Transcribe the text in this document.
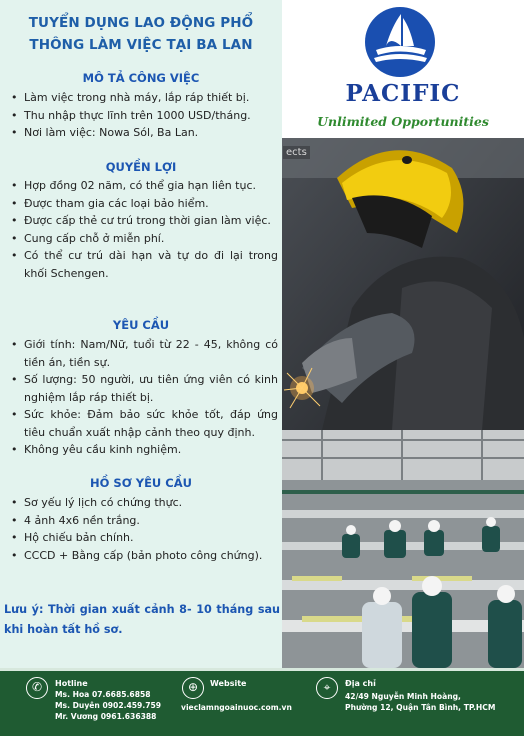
TUYỂN DỤNG LAO ĐỘNG PHỔ
THÔNG LÀM VIỆC TẠI BA LAN
MÔ TẢ CÔNG VIỆC
• Làm việc trong nhà máy, lắp ráp thiết bị.
• Thu nhập thực lĩnh trên 1000 USD/tháng.
• Nơi làm việc: Nowa Sól, Ba Lan.
QUYỀN LỢI
• Hợp đồng 02 năm, có thể gia hạn liên tục.
• Được tham gia các loại bảo hiểm.
• Được cấp thẻ cư trú trong thời gian làm việc.
• Cung cấp chỗ ở miễn phí.
• Có thể cư trú dài hạn và tự do đi lại trong khối Schengen.
YÊU CẦU
• Giới tính: Nam/Nữ, tuổi từ 22 - 45, không có tiền án, tiền sự.
• Số lượng: 50 người, ưu tiên ứng viên có kinh nghiệm lắp ráp thiết bị.
• Sức khỏe: Đảm bảo sức khỏe tốt, đáp ứng tiêu chuẩn xuất nhập cảnh theo quy định.
• Không yêu cầu kinh nghiệm.
HỒ SƠ YÊU CẦU
• Sơ yếu lý lịch có chứng thực.
• 4 ảnh 4x6 nền trắng.
• Hộ chiếu bản chính.
• CCCD + Bằng cấp (bản photo công chứng).
Lưu ý: Thời gian xuất cảnh 8- 10 tháng sau khi hoàn tất hồ sơ.
PACIFIC
Unlimited Opportunities
ects
✆	Hotline
Ms. Hoa 07.6685.6858
Ms. Duyên 0902.459.759
Mr. Vương 0961.636388
⊕	Website
vieclamngoainuoc.com.vn
⌖	Địa chỉ
42/49 Nguyễn Minh Hoàng,
Phường 12, Quận Tân Bình, TP.HCM
